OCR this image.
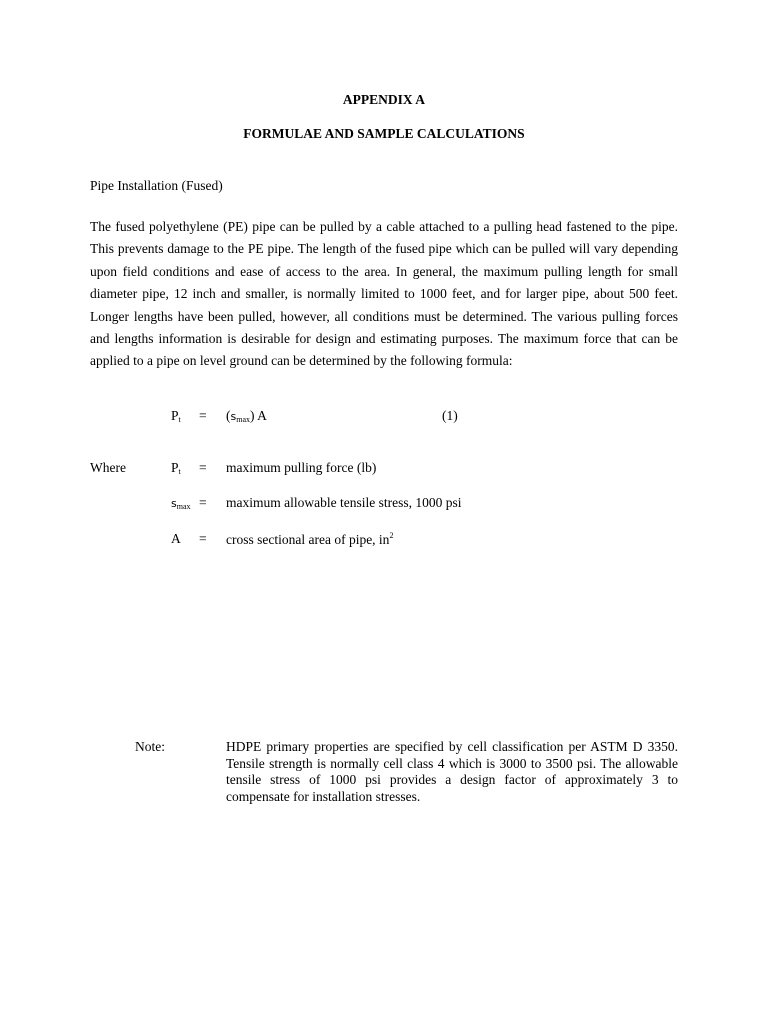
APPENDIX A
FORMULAE AND SAMPLE CALCULATIONS
Pipe Installation (Fused)

The fused polyethylene (PE) pipe can be pulled by a cable attached to a pulling head fastened to the pipe. This prevents damage to the PE pipe. The length of the fused pipe which can be pulled will vary depending upon field conditions and ease of access to the area. In general, the maximum pulling length for small diameter pipe, 12 inch and smaller, is normally limited to 1000 feet, and for larger pipe, about 500 feet. Longer lengths have been pulled, however, all conditions must be determined. The various pulling forces and lengths information is desirable for design and estimating purposes. The maximum force that can be applied to a pipe on level ground can be determined by the following formula:

$P_t = (s_{max})$ A	(1)
Where	$P_t$ = maximum pulling force (lb)
$s_{max}$ = maximum allowable tensile stress, 1000 psi
A = cross sectional area of pipe, $in^2$
Note:	HDPE primary properties are specified by cell classification per ASTM D 3350. Tensile strength is normally cell class 4 which is 3000 to 3500 psi. The allowable tensile stress of 1000 psi provides a design factor of approximately 3 to compensate for installation stresses.
